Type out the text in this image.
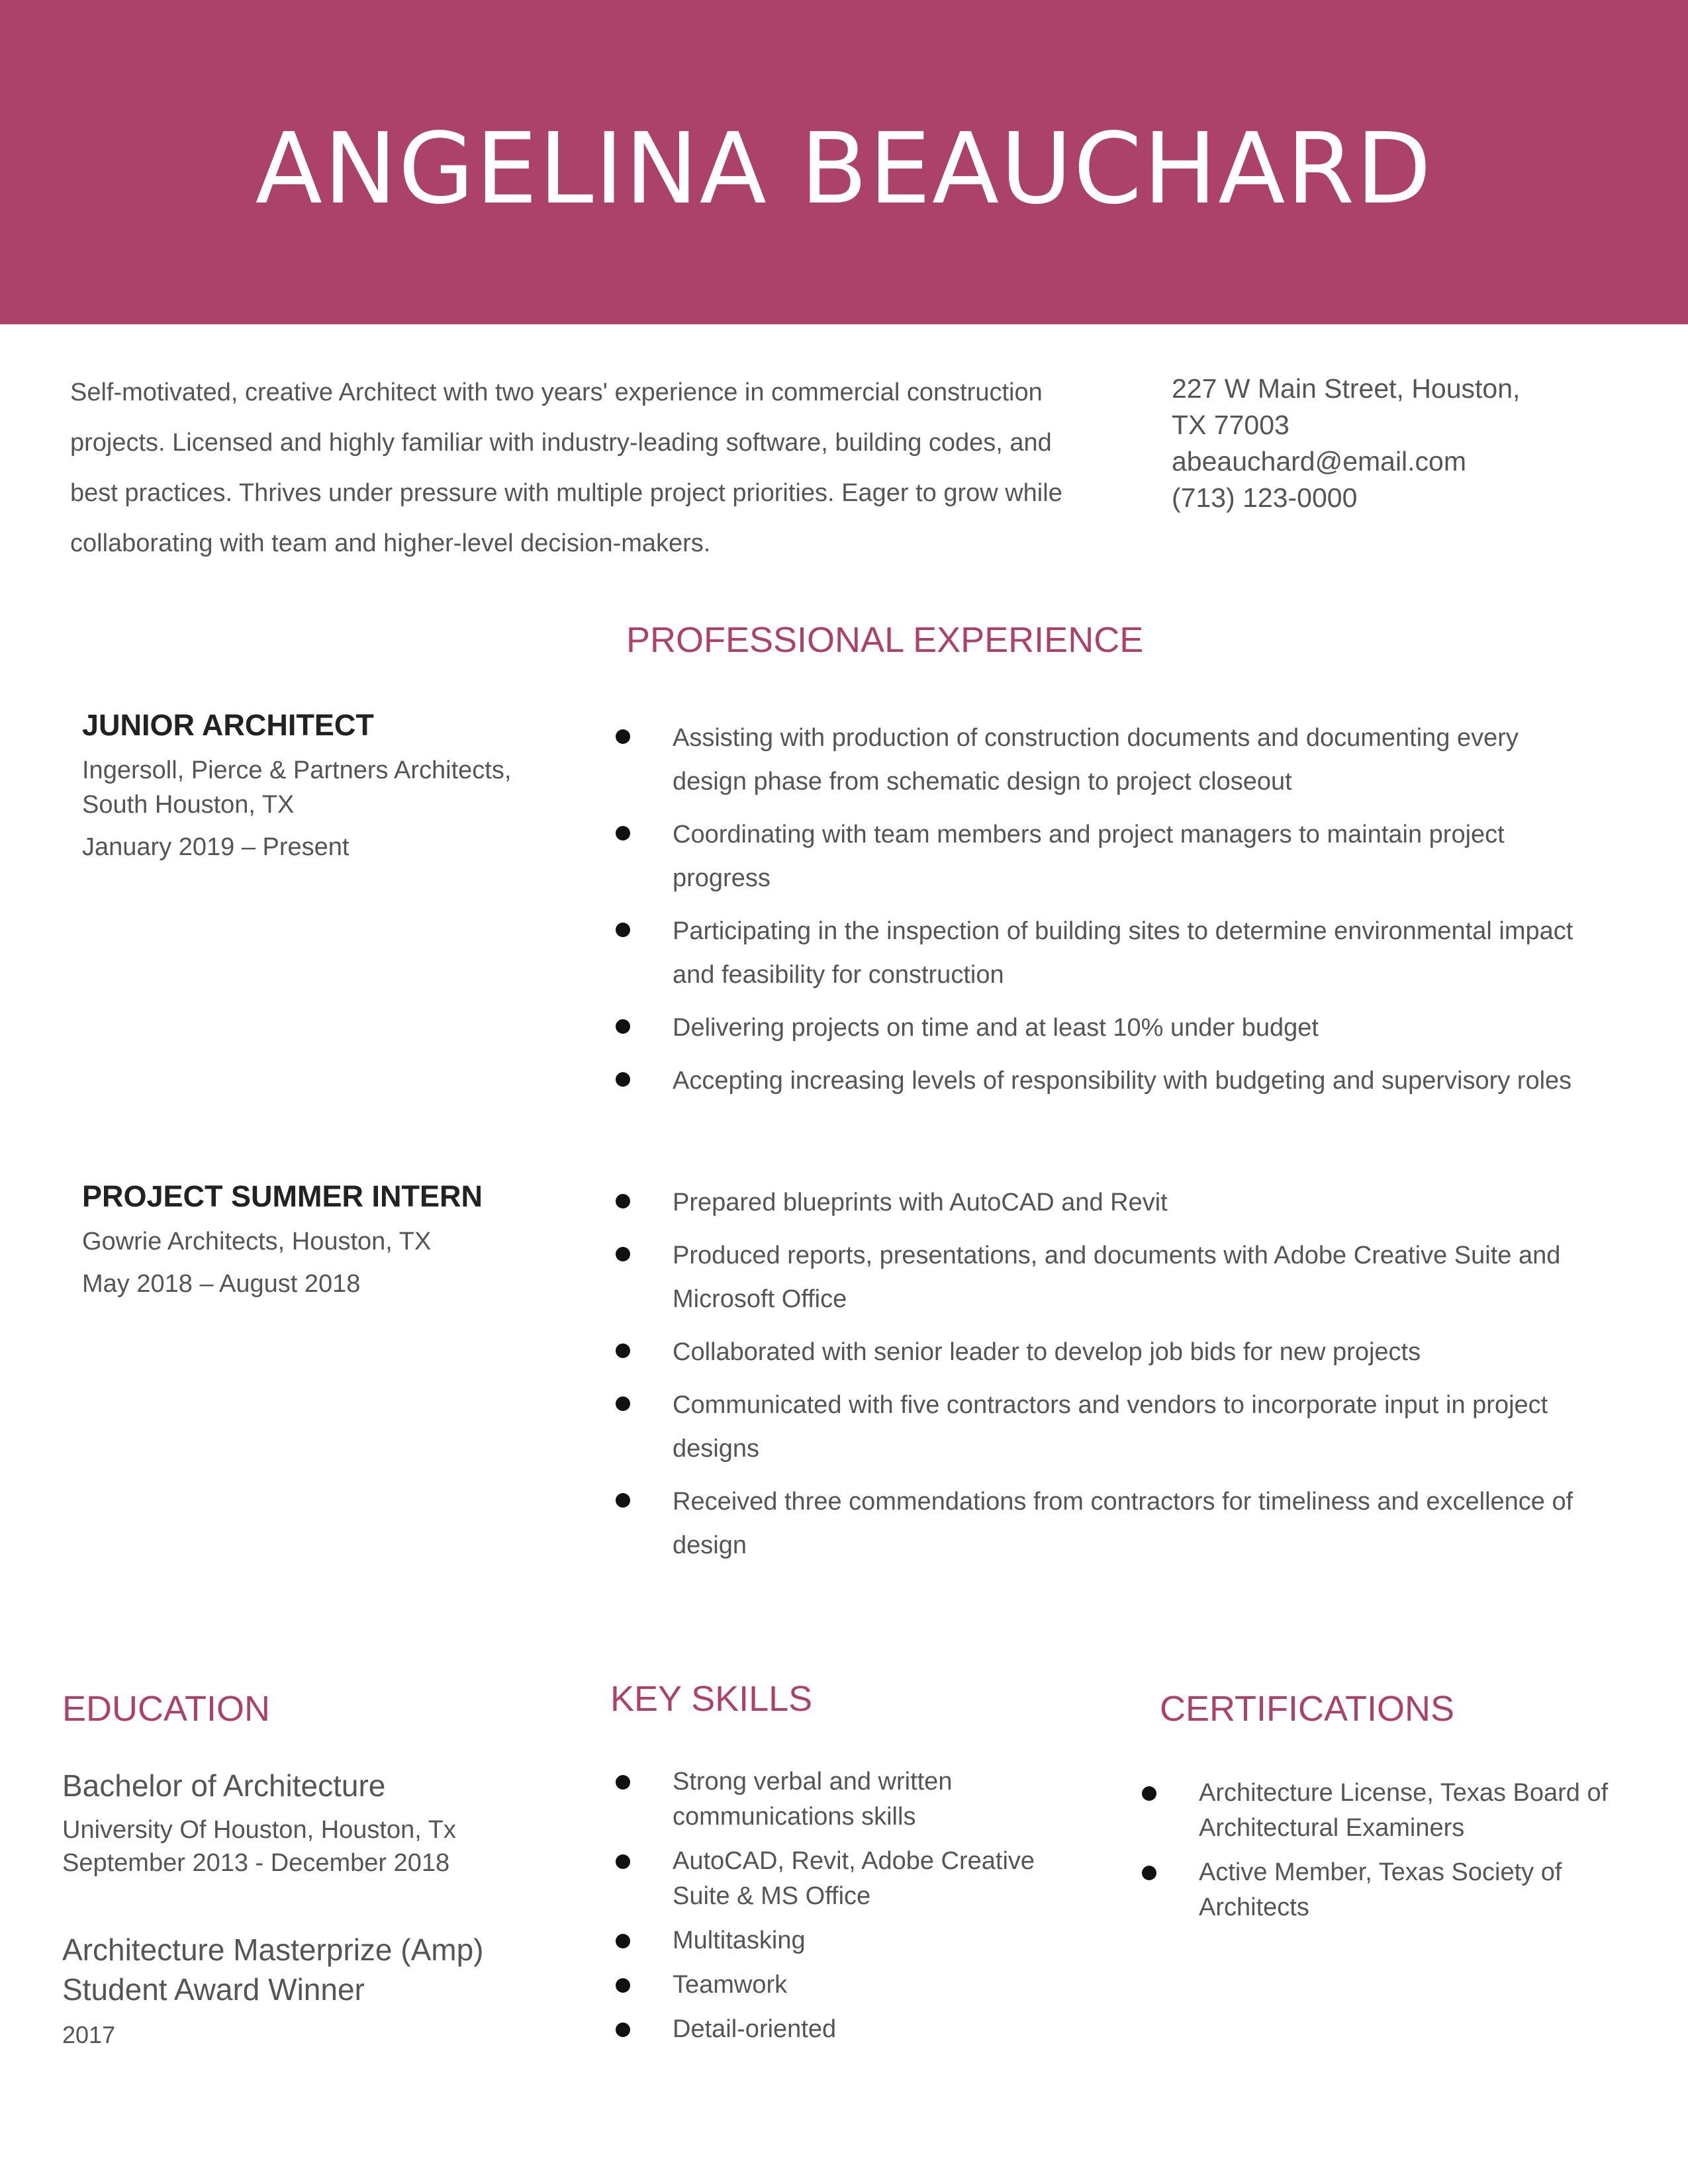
ANGELINA BEAUCHARD

Self-motivated, creative Architect with two years' experience in commercial construction projects. Licensed and highly familiar with industry-leading software, building codes, and best practices. Thrives under pressure with multiple project priorities. Eager to grow while collaborating with team and higher-level decision-makers.

227 W Main Street, Houston,
TX 77003
abeauchard@email.com
(713) 123-0000
PROFESSIONAL EXPERIENCE
JUNIOR ARCHITECT
Ingersoll, Pierce & Partners Architects,
South Houston, TX
January 2019 – Present
Assisting with production of construction documents and documenting every design phase from schematic design to project closeout
Coordinating with team members and project managers to maintain project progress
Participating in the inspection of building sites to determine environmental impact and feasibility for construction
Delivering projects on time and at least 10% under budget
Accepting increasing levels of responsibility with budgeting and supervisory roles
PROJECT SUMMER INTERN
Gowrie Architects, Houston, TX
May 2018 – August 2018
Prepared blueprints with AutoCAD and Revit
Produced reports, presentations, and documents with Adobe Creative Suite and Microsoft Office
Collaborated with senior leader to develop job bids for new projects
Communicated with five contractors and vendors to incorporate input in project designs
Received three commendations from contractors for timeliness and excellence of design
EDUCATION
Bachelor of Architecture
University Of Houston, Houston, Tx
September 2013 - December 2018
Architecture Masterprize (Amp)
Student Award Winner
2017
KEY SKILLS
Strong verbal and written communications skills
AutoCAD, Revit, Adobe Creative Suite & MS Office
Multitasking
Teamwork
Detail-oriented
CERTIFICATIONS
Architecture License, Texas Board of Architectural Examiners
Active Member, Texas Society of Architects
